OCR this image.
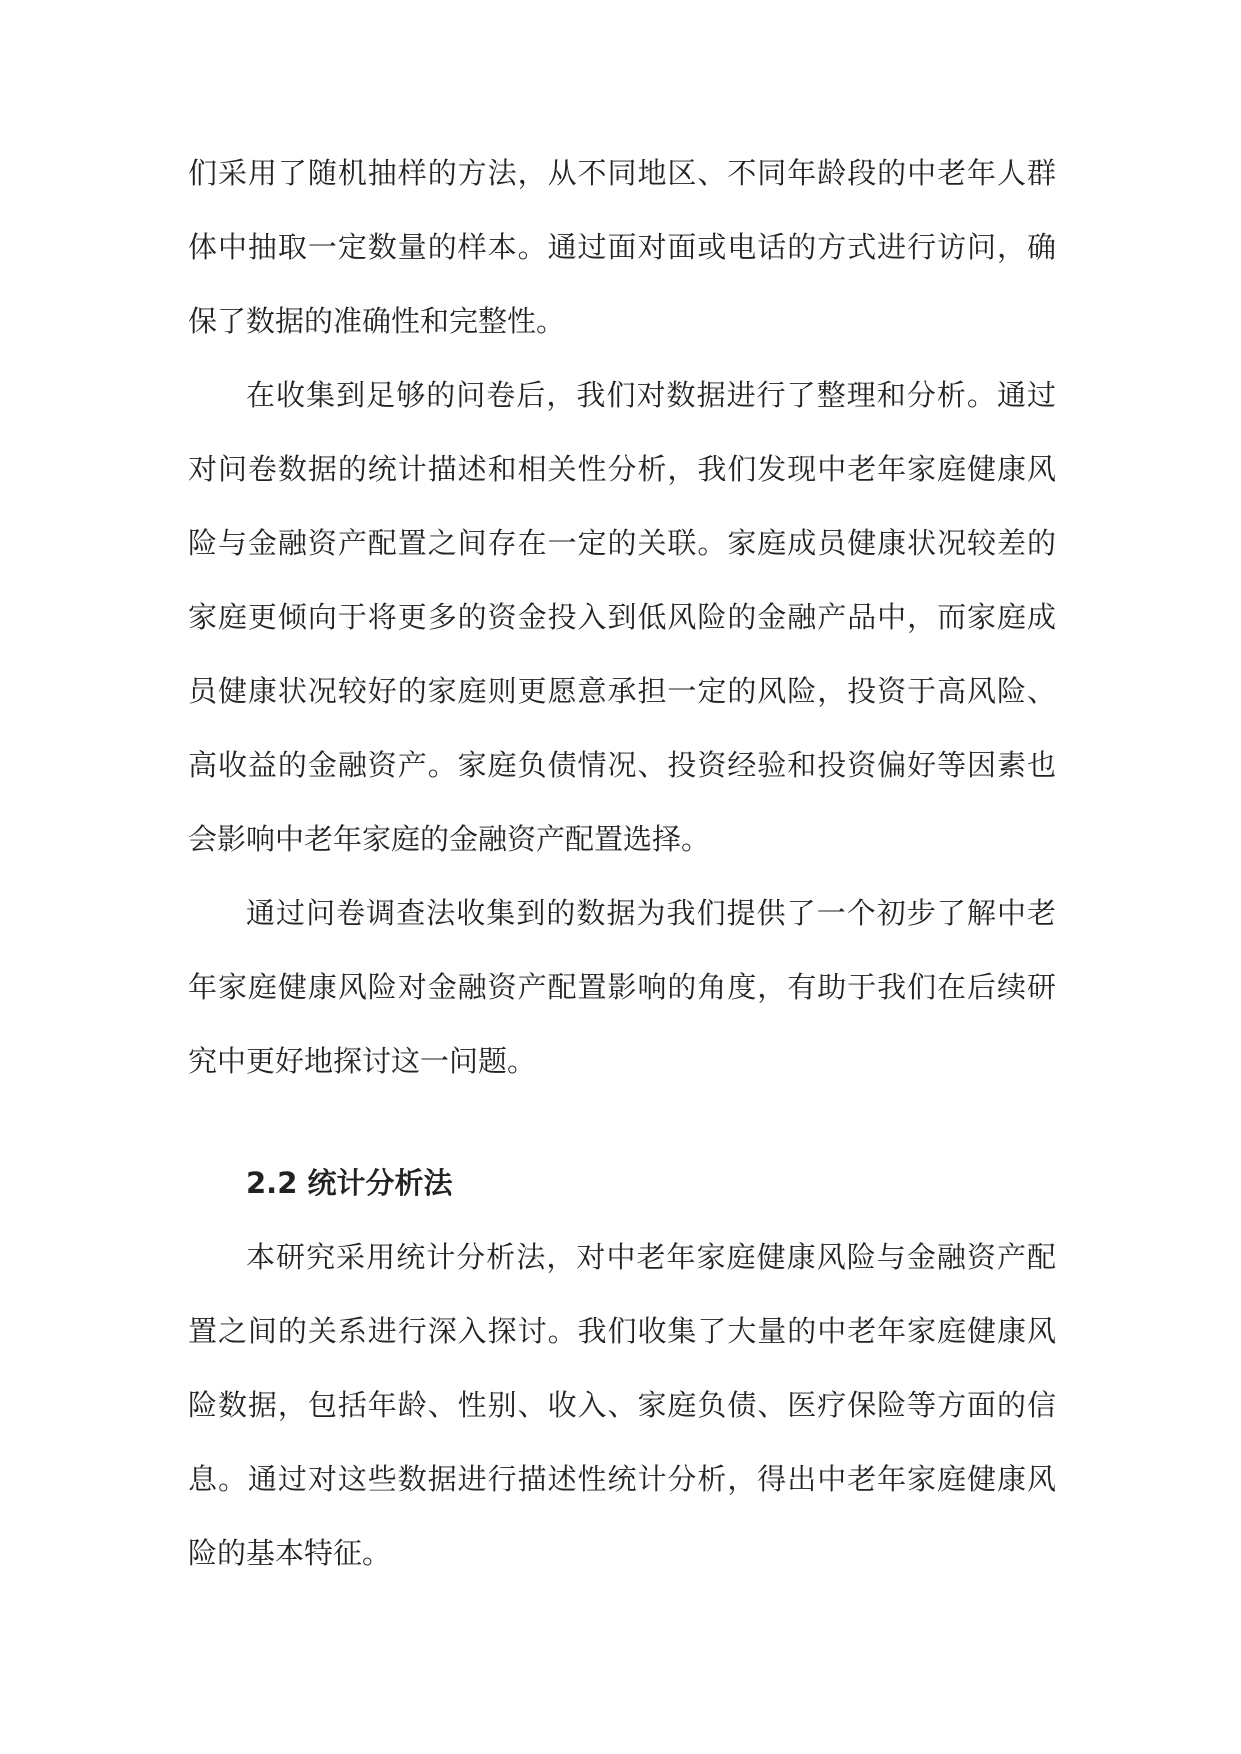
们采用了随机抽样的方法，从不同地区、不同年龄段的中老年人群体中抽取一定数量的样本。通过面对面或电话的方式进行访问，确保了数据的准确性和完整性。

在收集到足够的问卷后，我们对数据进行了整理和分析。通过对问卷数据的统计描述和相关性分析，我们发现中老年家庭健康风险与金融资产配置之间存在一定的关联。家庭成员健康状况较差的家庭更倾向于将更多的资金投入到低风险的金融产品中，而家庭成员健康状况较好的家庭则更愿意承担一定的风险，投资于高风险、高收益的金融资产。家庭负债情况、投资经验和投资偏好等因素也会影响中老年家庭的金融资产配置选择。

通过问卷调查法收集到的数据为我们提供了一个初步了解中老年家庭健康风险对金融资产配置影响的角度，有助于我们在后续研究中更好地探讨这一问题。

2.2 统计分析法

本研究采用统计分析法，对中老年家庭健康风险与金融资产配置之间的关系进行深入探讨。我们收集了大量的中老年家庭健康风险数据，包括年龄、性别、收入、家庭负债、医疗保险等方面的信息。通过对这些数据进行描述性统计分析，得出中老年家庭健康风险的基本特征。
